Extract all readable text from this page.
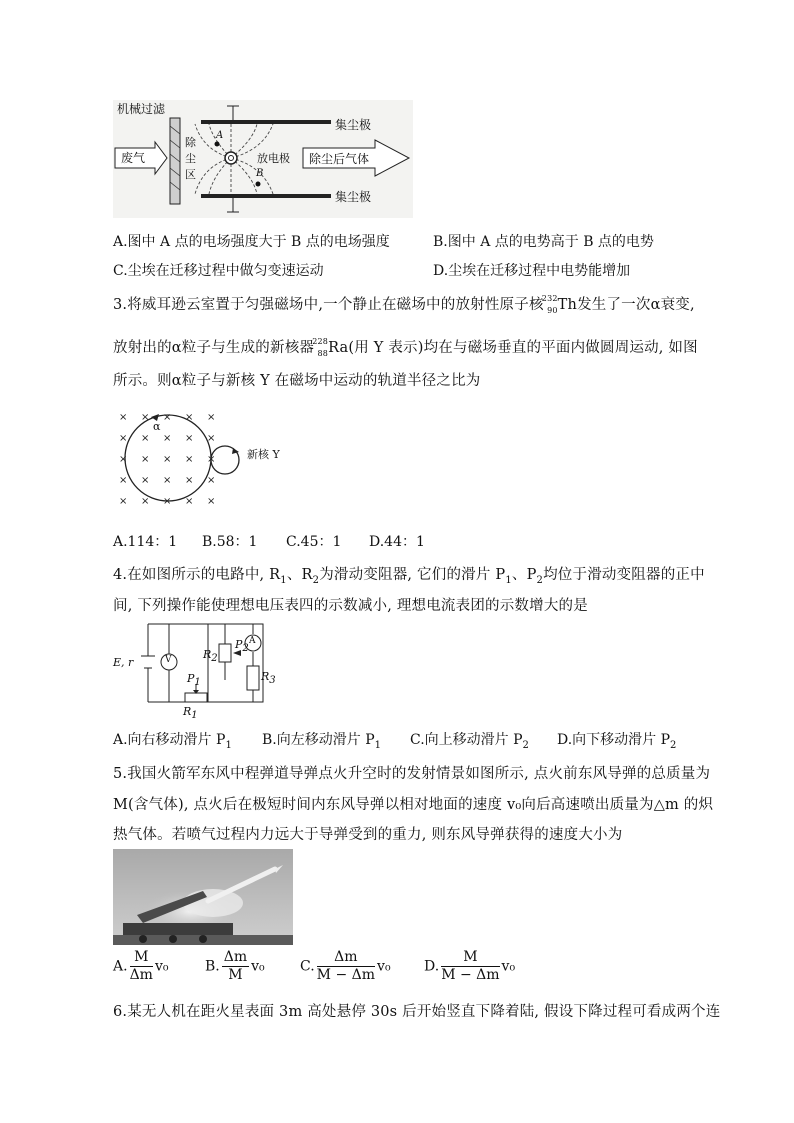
机械过滤
除
尘
区
废气
集尘极
集尘极
放电极 除尘后气体
A
B
A.图中 A 点的电场强度大于 B 点的电场强度	B.图中 A 点的电势高于 B 点的电势
C.尘埃在迁移过程中做匀变速运动	D.尘埃在迁移过程中电势能增加
3.将威耳逊云室置于匀强磁场中,一个静止在磁场中的放射性原子核
232
90 Th发生了一次α衰变,
放射出的α粒子与生成的新核器
228
88 Ra(用 Y 表示)均在与磁场垂直的平面内做圆周运动, 如图
所示。则α粒子与新核 Y 在磁场中运动的轨道半径之比为
× × × × ×
× × × × ×
× × × × ×
× × × × ×
× × × × ×
α
新核 Y
A.114：1 B.58：1 C.45：1 D.44：1
4.在如图所示的电路中, $R_1$、$R_2$为滑动变阻器, 它们的滑片 $P_1$、$P_2$均位于滑动变阻器的正中
间, 下列操作能使理想电压表四的示数减小, 理想电流表团的示数增大的是
E, r	V
A
$R_1$
$R_2$
$R_3$
$P_1$
$P_2$
A.向右移动滑片 $P_1$ B.向左移动滑片 $P_1$ C.向上移动滑片 $P_2$ D.向下移动滑片 $P_2$
5.我国火箭军东风中程弹道导弹点火升空时的发射情景如图所示, 点火前东风导弹的总质量为
M(含气体), 点火后在极短时间内东风导弹以相对地面的速度 v₀向后高速喷出质量为△m 的炽
热气体。若喷气过程内力远大于导弹受到的重力, 则东风导弹获得的速度大小为
A. $\frac{M}{\Delta m} v_0$	B. $\frac{\Delta m}{M} v_0$	C. $\frac{\Delta m}{M - \Delta m} v_0$ D. $\frac{M}{M - \Delta m} v_0$
6.某无人机在距火星表面 3m 高处悬停 30s 后开始竖直下降着陆, 假设下降过程可看成两个连
